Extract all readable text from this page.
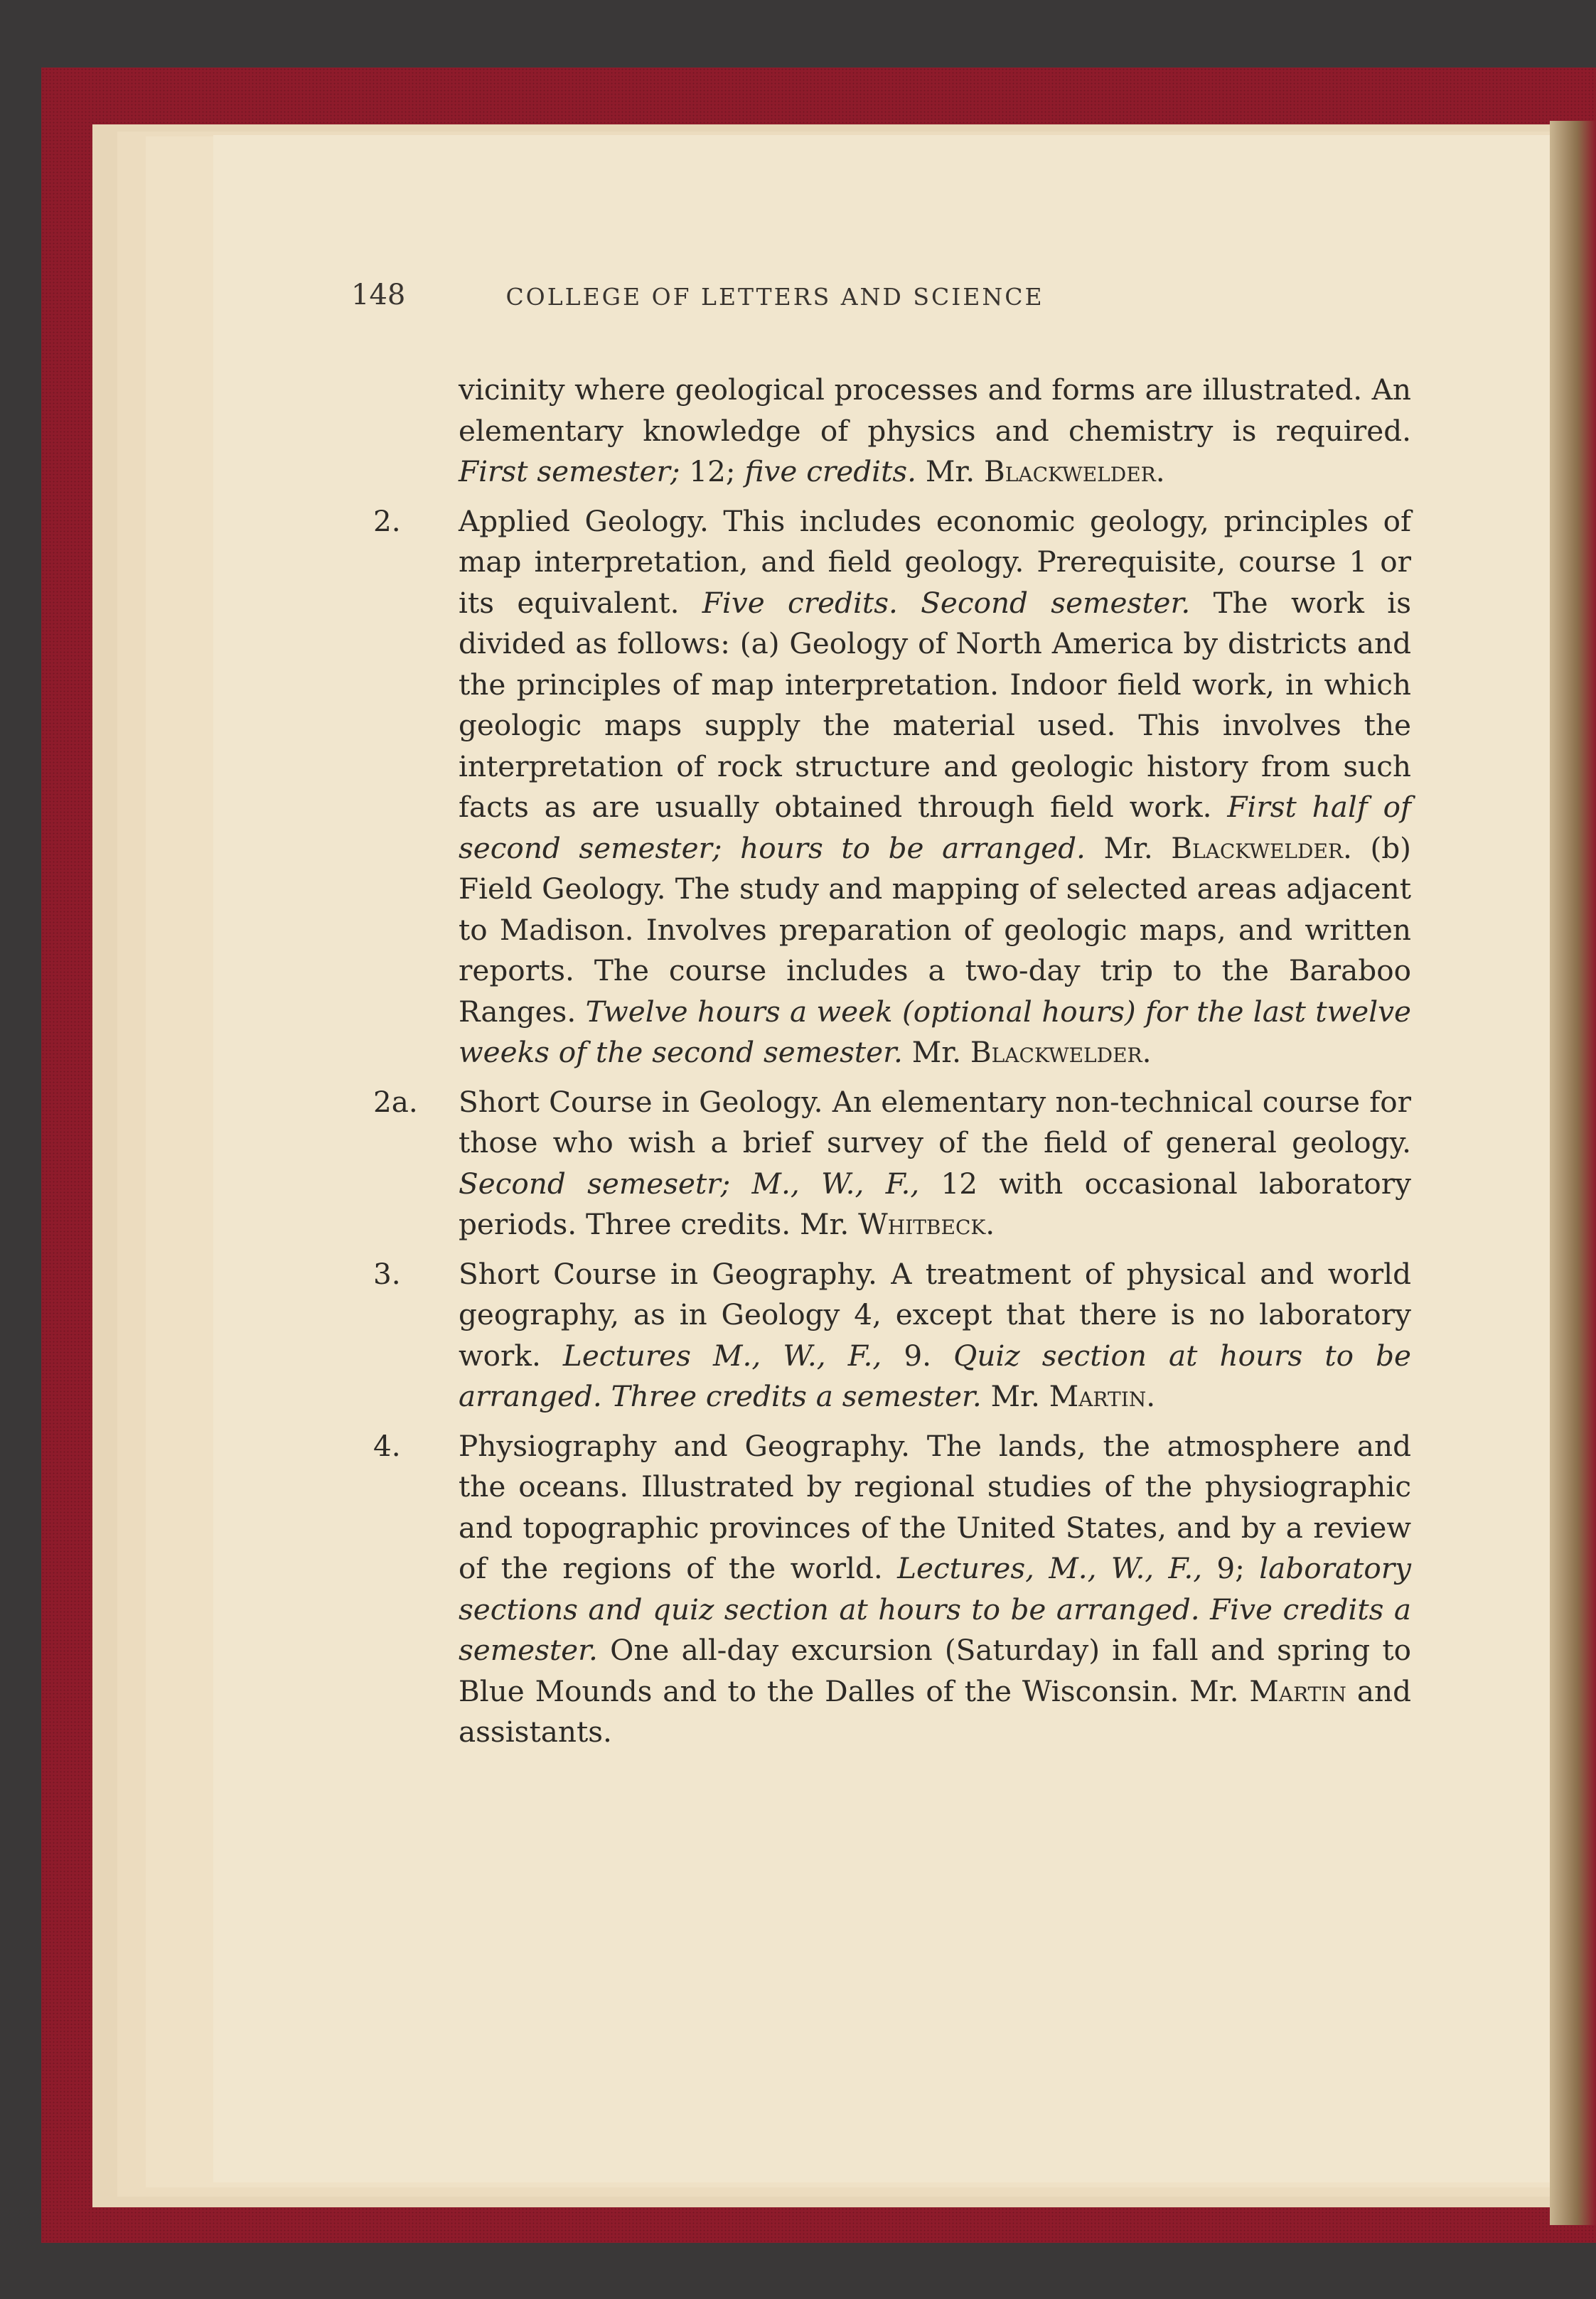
148	COLLEGE OF LETTERS AND SCIENCE
vicinity where geological processes and forms are illustrated. An elementary knowledge of physics and chemistry is required. First semester; 12; five credits. Mr. Blackwelder.
2. Applied Geology. This includes economic geology, principles of map interpretation, and field geology. Prerequisite, course 1 or its equivalent. Five credits. Second semester. The work is divided as follows: (a) Geology of North America by districts and the principles of map interpretation. Indoor field work, in which geologic maps supply the material used. This involves the interpretation of rock structure and geologic history from such facts as are usually obtained through field work. First half of second semester; hours to be arranged. Mr. Blackwelder. (b) Field Geology. The study and mapping of selected areas adjacent to Madison. Involves preparation of geologic maps, and written reports. The course includes a two-day trip to the Baraboo Ranges. Twelve hours a week (optional hours) for the last twelve weeks of the second semester. Mr. Blackwelder.
2a. Short Course in Geology. An elementary non-technical course for those who wish a brief survey of the field of general geology. Second semesetr; M., W., F., 12 with occasional laboratory periods. Three credits. Mr. Whitbeck.
3. Short Course in Geography. A treatment of physical and world geography, as in Geology 4, except that there is no laboratory work. Lectures M., W., F., 9. Quiz section at hours to be arranged. Three credits a semester. Mr. Martin.
4. Physiography and Geography. The lands, the atmosphere and the oceans. Illustrated by regional studies of the physiographic and topographic provinces of the United States, and by a review of the regions of the world. Lectures, M., W., F., 9; laboratory sections and quiz section at hours to be arranged. Five credits a semester. One all-day excursion (Saturday) in fall and spring to Blue Mounds and to the Dalles of the Wisconsin. Mr. Martin and assistants.
